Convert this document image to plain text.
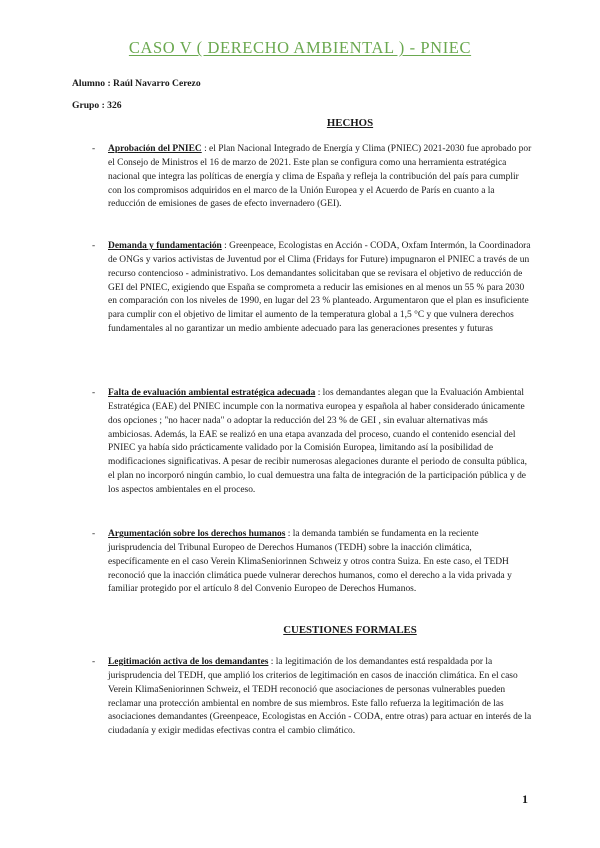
CASO V ( DERECHO AMBIENTAL ) - PNIEC
Alumno : Raúl Navarro Cerezo
Grupo : 326
HECHOS
- Aprobación del PNIEC : el Plan Nacional Integrado de Energía y Clima (PNIEC) 2021-2030 fue aprobado por el Consejo de Ministros el 16 de marzo de 2021. Este plan se configura como una herramienta estratégica nacional que integra las políticas de energía y clima de España y refleja la contribución del país para cumplir con los compromisos adquiridos en el marco de la Unión Europea y el Acuerdo de París en cuanto a la reducción de emisiones de gases de efecto invernadero (GEI).
- Demanda y fundamentación : Greenpeace, Ecologistas en Acción - CODA, Oxfam Intermón, la Coordinadora de ONGs y varios activistas de Juventud por el Clima (Fridays for Future) impugnaron el PNIEC a través de un recurso contencioso - administrativo. Los demandantes solicitaban que se revisara el objetivo de reducción de GEI del PNIEC, exigiendo que España se comprometa a reducir las emisiones en al menos un 55 % para 2030 en comparación con los niveles de 1990, en lugar del 23 % planteado. Argumentaron que el plan es insuficiente para cumplir con el objetivo de limitar el aumento de la temperatura global a 1,5 °C y que vulnera derechos fundamentales al no garantizar un medio ambiente adecuado para las generaciones presentes y futuras
- Falta de evaluación ambiental estratégica adecuada : los demandantes alegan que la Evaluación Ambiental Estratégica (EAE) del PNIEC incumple con la normativa europea y española al haber considerado únicamente dos opciones ; "no hacer nada" o adoptar la reducción del 23 % de GEI , sin evaluar alternativas más ambiciosas. Además, la EAE se realizó en una etapa avanzada del proceso, cuando el contenido esencial del PNIEC ya había sido prácticamente validado por la Comisión Europea, limitando así la posibilidad de modificaciones significativas. A pesar de recibir numerosas alegaciones durante el periodo de consulta pública, el plan no incorporó ningún cambio, lo cual demuestra una falta de integración de la participación pública y de los aspectos ambientales en el proceso.
- Argumentación sobre los derechos humanos : la demanda también se fundamenta en la reciente jurisprudencia del Tribunal Europeo de Derechos Humanos (TEDH) sobre la inacción climática, específicamente en el caso Verein KlimaSeniorinnen Schweiz y otros contra Suiza. En este caso, el TEDH reconoció que la inacción climática puede vulnerar derechos humanos, como el derecho a la vida privada y familiar protegido por el artículo 8 del Convenio Europeo de Derechos Humanos.
CUESTIONES FORMALES
- Legitimación activa de los demandantes : la legitimación de los demandantes está respaldada por la jurisprudencia del TEDH, que amplió los criterios de legitimación en casos de inacción climática. En el caso Verein KlimaSeniorinnen Schweiz, el TEDH reconoció que asociaciones de personas vulnerables pueden reclamar una protección ambiental en nombre de sus miembros. Este fallo refuerza la legitimación de las asociaciones demandantes (Greenpeace, Ecologistas en Acción - CODA, entre otras) para actuar en interés de la ciudadanía y exigir medidas efectivas contra el cambio climático.
1
